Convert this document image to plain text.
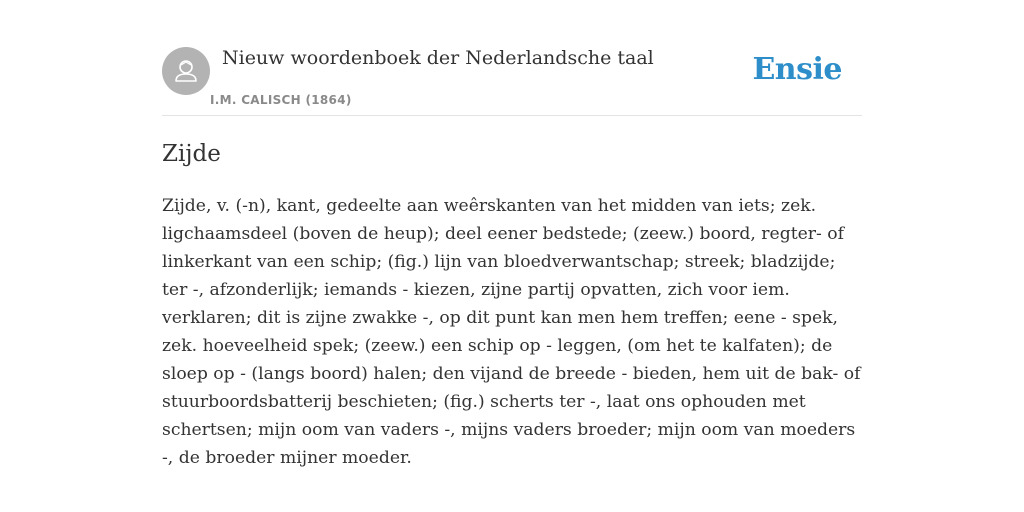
Nieuw woordenboek der Nederlandsche taal
I.M. CALISCH (1864)
Ensie
Zijde

Zijde, v. (-n), kant, gedeelte aan weêrskanten van het midden van iets; zek. ligchaamsdeel (boven de heup); deel eener bedstede; (zeew.) boord, regter- of linkerkant van een schip; (fig.) lijn van bloedverwantschap; streek; bladzijde; ter -, afzonderlijk; iemands - kiezen, zijne partij opvatten, zich voor iem. verklaren; dit is zijne zwakke -, op dit punt kan men hem treffen; eene - spek, zek. hoeveelheid spek; (zeew.) een schip op - leggen, (om het te kalfaten); de sloep op - (langs boord) halen; den vijand de breede - bieden, hem uit de bak- of stuurboordsbatterij beschieten; (fig.) scherts ter -, laat ons ophouden met schertsen; mijn oom van vaders -, mijns vaders broeder; mijn oom van moeders -, de broeder mijner moeder.
